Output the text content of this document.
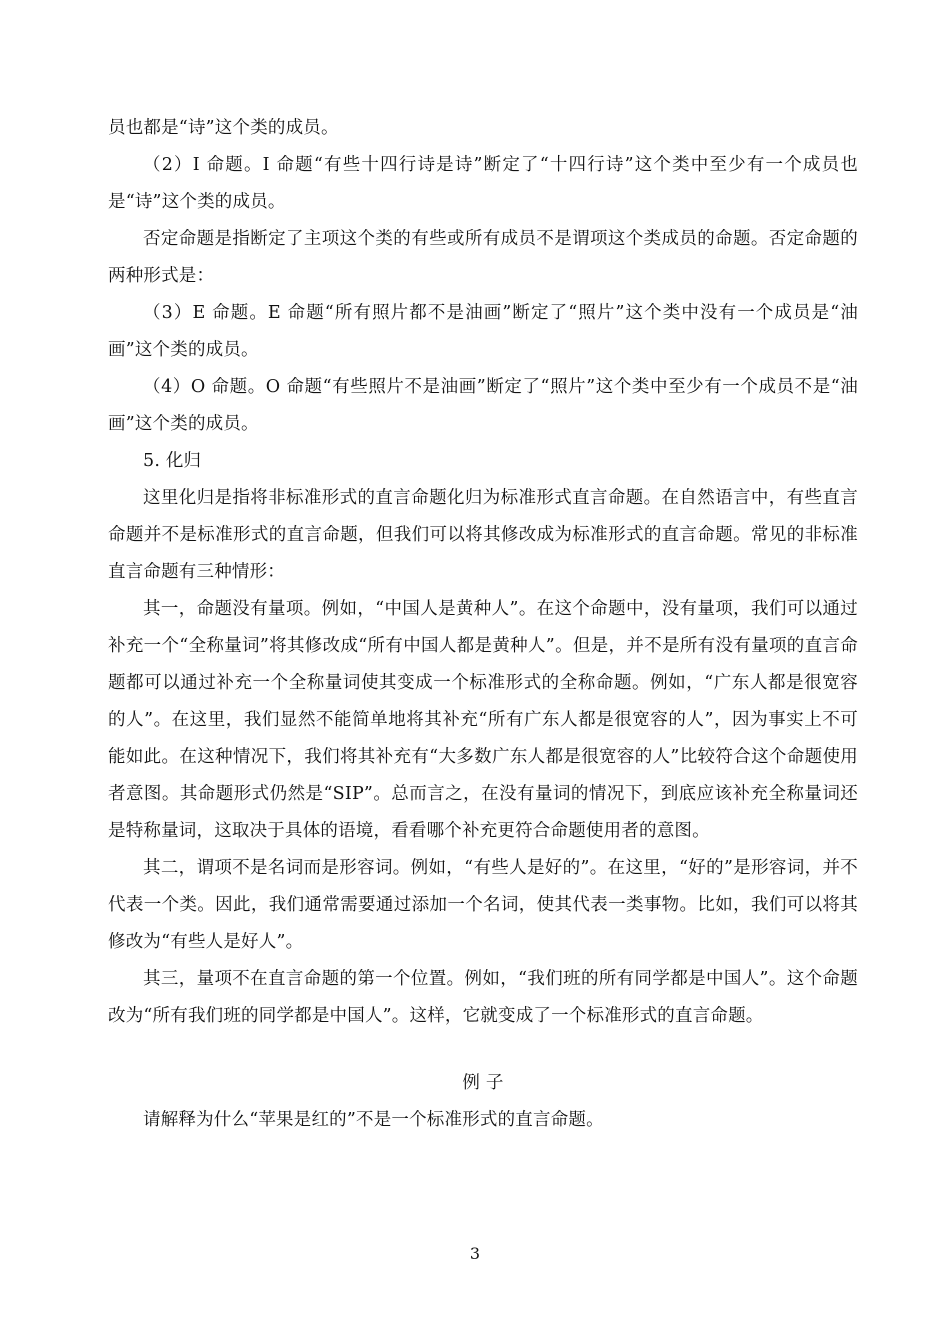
员也都是“诗”这个类的成员。

（2）I 命题。I 命题“有些十四行诗是诗”断定了“十四行诗”这个类中至少有一个成员也是“诗”这个类的成员。

否定命题是指断定了主项这个类的有些或所有成员不是谓项这个类成员的命题。否定命题的两种形式是：

（3）E 命题。E 命题“所有照片都不是油画”断定了“照片”这个类中没有一个成员是“油画”这个类的成员。

（4）O 命题。O 命题“有些照片不是油画”断定了“照片”这个类中至少有一个成员不是“油画”这个类的成员。

5. 化归

这里化归是指将非标准形式的直言命题化归为标准形式直言命题。在自然语言中，有些直言命题并不是标准形式的直言命题，但我们可以将其修改成为标准形式的直言命题。常见的非标准直言命题有三种情形：

其一，命题没有量项。例如，“中国人是黄种人”。在这个命题中，没有量项，我们可以通过补充一个“全称量词”将其修改成“所有中国人都是黄种人”。但是，并不是所有没有量项的直言命题都可以通过补充一个全称量词使其变成一个标准形式的全称命题。例如，“广东人都是很宽容的人”。在这里，我们显然不能简单地将其补充“所有广东人都是很宽容的人”，因为事实上不可能如此。在这种情况下，我们将其补充有“大多数广东人都是很宽容的人”比较符合这个命题使用者意图。其命题形式仍然是“SIP”。总而言之，在没有量词的情况下，到底应该补充全称量词还是特称量词，这取决于具体的语境，看看哪个补充更符合命题使用者的意图。

其二，谓项不是名词而是形容词。例如，“有些人是好的”。在这里，“好的”是形容词，并不代表一个类。因此，我们通常需要通过添加一个名词，使其代表一类事物。比如，我们可以将其修改为“有些人是好人”。

其三，量项不在直言命题的第一个位置。例如，“我们班的所有同学都是中国人”。这个命题改为“所有我们班的同学都是中国人”。这样，它就变成了一个标准形式的直言命题。

例 子

请解释为什么“苹果是红的”不是一个标准形式的直言命题。

3
